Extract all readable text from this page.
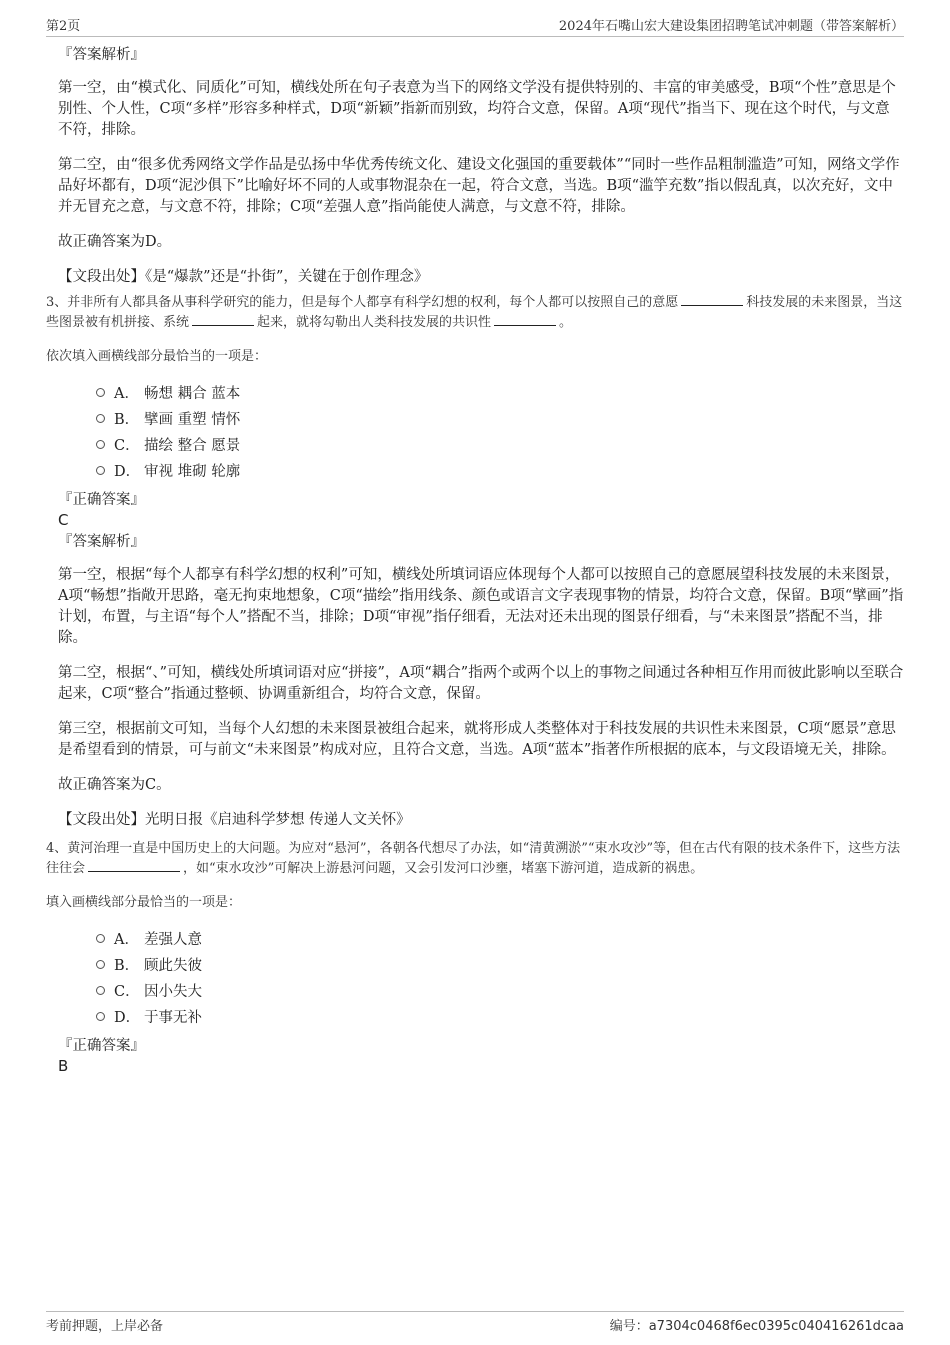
第2页	2024年石嘴山宏大建设集团招聘笔试冲刺题（带答案解析）
『答案解析』

第一空，由“模式化、同质化”可知，横线处所在句子表意为当下的网络文学没有提供特别的、丰富的审美感受，B项“个性”意思是个别性、个人性，C项“多样”形容多种样式，D项“新颖”指新而别致，均符合文意，保留。A项“现代”指当下、现在这个时代，与文意不符，排除。

第二空，由“很多优秀网络文学作品是弘扬中华优秀传统文化、建设文化强国的重要载体”“同时一些作品粗制滥造”可知，网络文学作品好坏都有，D项“泥沙俱下”比喻好坏不同的人或事物混杂在一起，符合文意，当选。B项“滥竽充数”指以假乱真，以次充好，文中并无冒充之意，与文意不符，排除；C项“差强人意”指尚能使人满意，与文意不符，排除。

故正确答案为D。

【文段出处】《是“爆款”还是“扑街”，关键在于创作理念》

3、并非所有人都具备从事科学研究的能力，但是每个人都享有科学幻想的权利，每个人都可以按照自己的意愿	科技发展的未来图景，当这些图景被有机拼接、系统	起来，就将勾勒出人类科技发展的共识性	。

依次填入画横线部分最恰当的一项是：

A． 畅想 耦合 蓝本
B． 擘画 重塑 情怀
C． 描绘 整合 愿景
D． 审视 堆砌 轮廓
『正确答案』
C
『答案解析』

第一空，根据“每个人都享有科学幻想的权利”可知，横线处所填词语应体现每个人都可以按照自己的意愿展望科技发展的未来图景，A项“畅想”指敞开思路，毫无拘束地想象，C项“描绘”指用线条、颜色或语言文字表现事物的情景，均符合文意，保留。B项“擘画”指计划，布置，与主语“每个人”搭配不当，排除；D项“审视”指仔细看，无法对还未出现的图景仔细看，与“未来图景”搭配不当，排除。

第二空，根据“、”可知，横线处所填词语对应“拼接”，A项“耦合”指两个或两个以上的事物之间通过各种相互作用而彼此影响以至联合起来，C项“整合”指通过整顿、协调重新组合，均符合文意，保留。

第三空，根据前文可知，当每个人幻想的未来图景被组合起来，就将形成人类整体对于科技发展的共识性未来图景，C项“愿景”意思是希望看到的情景，可与前文“未来图景”构成对应，且符合文意，当选。A项“蓝本”指著作所根据的底本，与文段语境无关，排除。

故正确答案为C。

【文段出处】光明日报《启迪科学梦想 传递人文关怀》

4、黄河治理一直是中国历史上的大问题。为应对“悬河”，各朝各代想尽了办法，如“清黄溯淤”“束水攻沙”等，但在古代有限的技术条件下，这些方法往往会	，如“束水攻沙”可解决上游悬河问题，又会引发河口沙壅，堵塞下游河道，造成新的祸患。

填入画横线部分最恰当的一项是：

A． 差强人意
B． 顾此失彼
C． 因小失大
D． 于事无补
『正确答案』
B
考前押题，上岸必备	编号：a7304c0468f6ec0395c040416261dcaa
